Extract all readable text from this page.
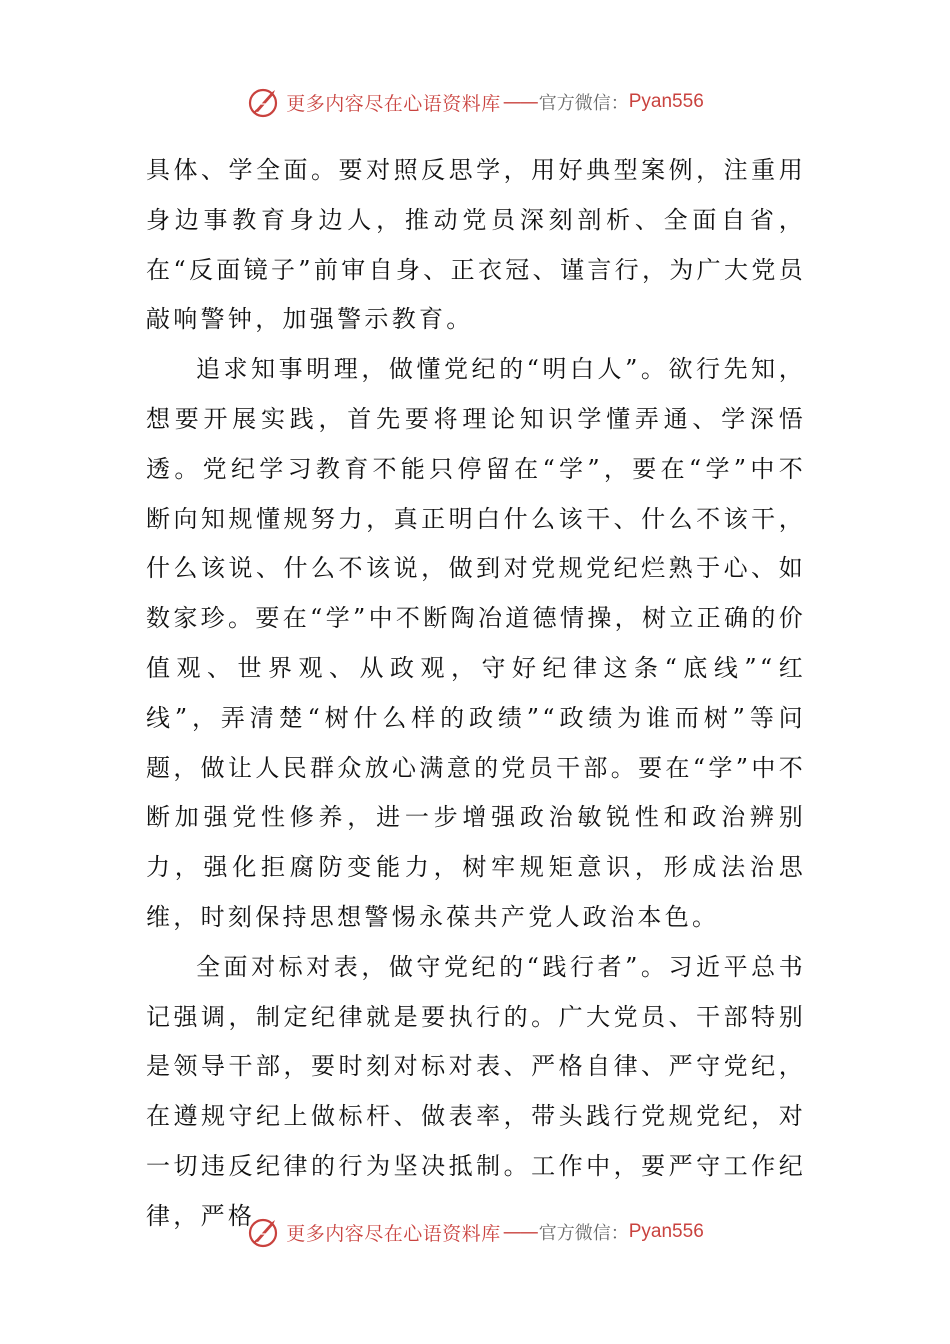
更多内容尽在心语资料库 —— 官方微信： Pyan556

具体、学全面。要对照反思学，用好典型案例，注重用身边事教育身边人，推动党员深刻剖析、全面自省，在“反面镜子”前审自身、正衣冠、谨言行，为广大党员敲响警钟，加强警示教育。

追求知事明理，做懂党纪的“明白人”。欲行先知，想要开展实践，首先要将理论知识学懂弄通、学深悟透。党纪学习教育不能只停留在“学”，要在“学”中不断向知规懂规努力，真正明白什么该干、什么不该干，什么该说、什么不该说，做到对党规党纪烂熟于心、如数家珍。要在“学”中不断陶冶道德情操，树立正确的价值观、世界观、从政观，守好纪律这条“底线”“红线”，弄清楚“树什么样的政绩”“政绩为谁而树”等问题，做让人民群众放心满意的党员干部。要在“学”中不断加强党性修养，进一步增强政治敏锐性和政治辨别力，强化拒腐防变能力，树牢规矩意识，形成法治思维，时刻保持思想警惕永葆共产党人政治本色。

全面对标对表，做守党纪的“践行者”。习近平总书记强调，制定纪律就是要执行的。广大党员、干部特别是领导干部，要时刻对标对表、严格自律、严守党纪，在遵规守纪上做标杆、做表率，带头践行党规党纪，对一切违反纪律的行为坚决抵制。工作中，要严守工作纪律，严格

更多内容尽在心语资料库 —— 官方微信： Pyan556
